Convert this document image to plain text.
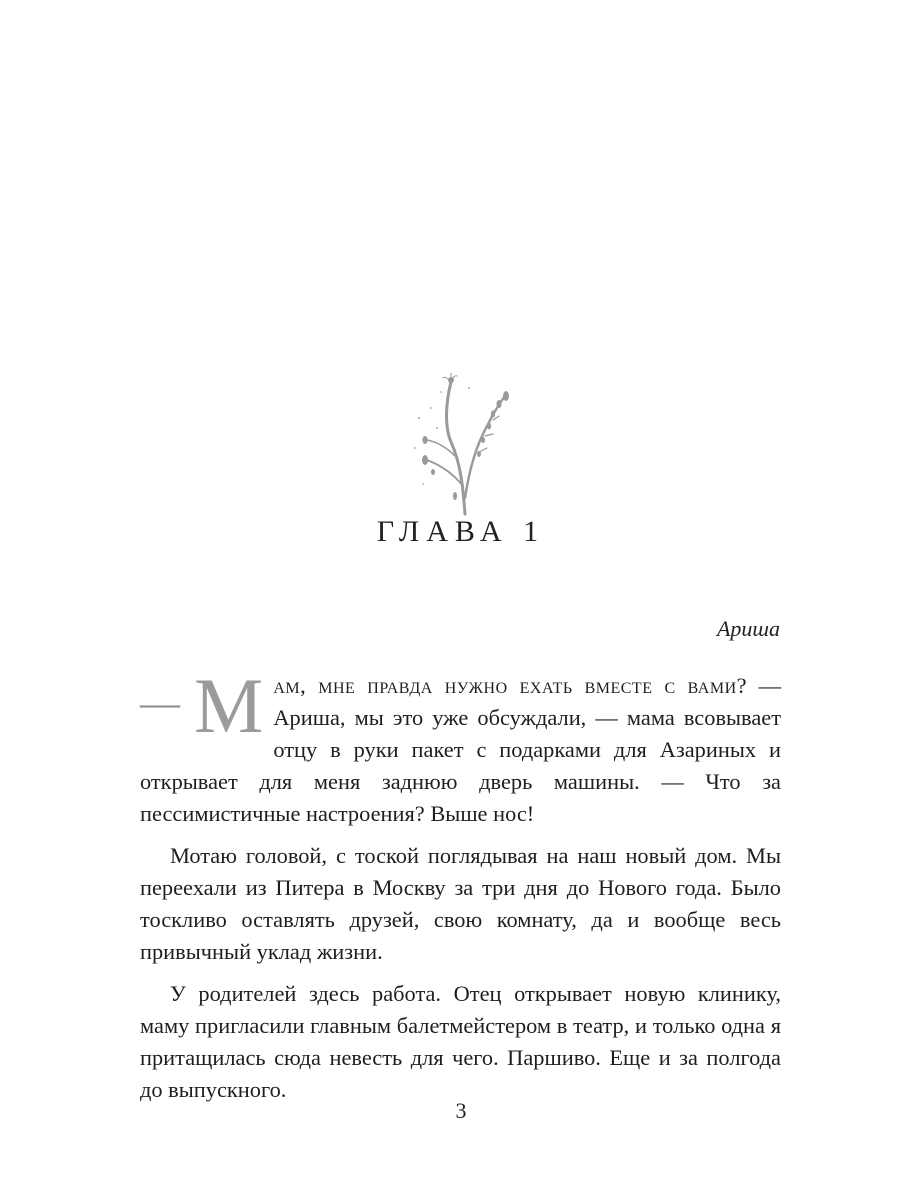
ГЛАВА 1
Ариша

— М ам, мне правда нужно ехать вместе с вами? — Ариша, мы это уже обсуждали, — мама всовывает отцу в руки пакет с подарками для Азариных и открывает для меня заднюю дверь машины. — Что за пессимистичные настроения? Выше нос!

Мотаю головой, с тоской поглядывая на наш новый дом. Мы переехали из Питера в Москву за три дня до Нового года. Было тоскливо оставлять друзей, свою комнату, да и вообще весь привычный уклад жизни.

У родителей здесь работа. Отец открывает новую клинику, маму пригласили главным балетмейстером в театр, и только одна я притащилась сюда невесть для чего. Паршиво. Еще и за полгода до выпускного.

3
